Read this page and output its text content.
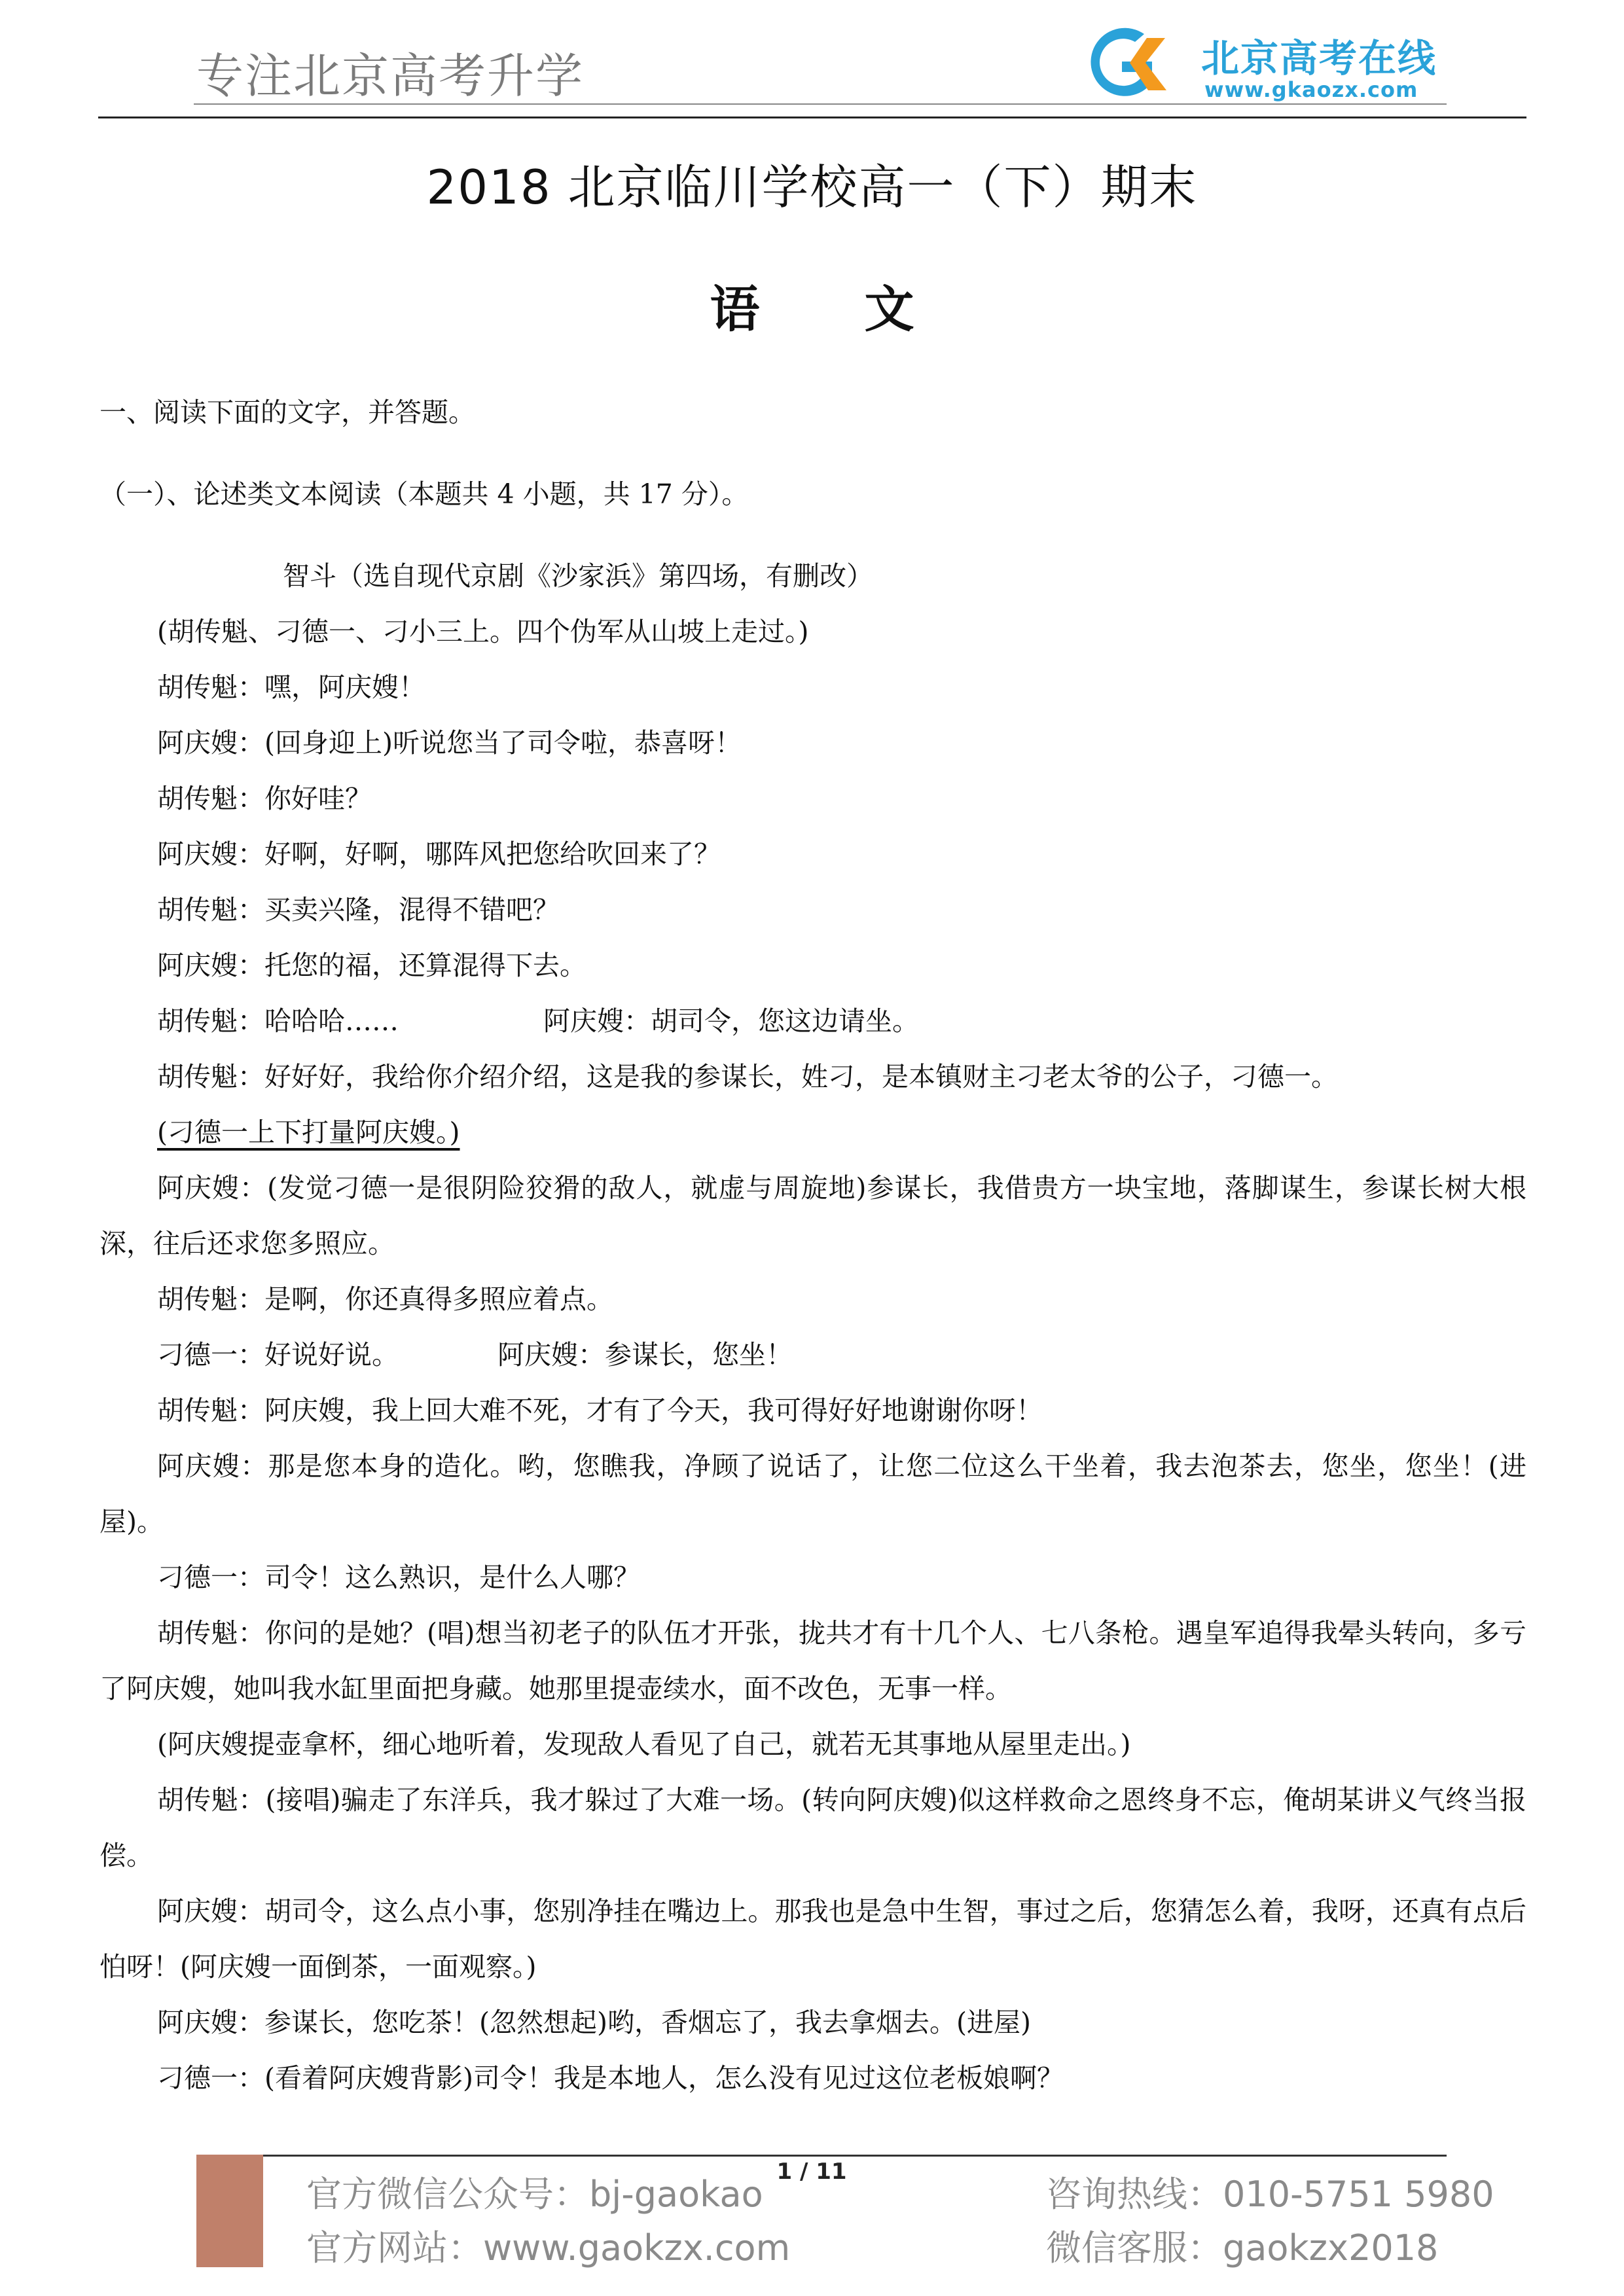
专注北京高考升学	北京高考在线
www.gkaozx.com
2018 北京临川学校高一（下）期末
语文

一、阅读下面的文字，并答题。

（一）、论述类文本阅读（本题共 4 小题，共 17 分）。

智斗（选自现代京剧《沙家浜》第四场，有删改）

(胡传魁、刁德一、刁小三上。四个伪军从山坡上走过。)

胡传魁：嘿，阿庆嫂！

阿庆嫂：(回身迎上)听说您当了司令啦，恭喜呀！

胡传魁：你好哇？

阿庆嫂：好啊，好啊，哪阵风把您给吹回来了？

胡传魁：买卖兴隆，混得不错吧？

阿庆嫂：托您的福，还算混得下去。

胡传魁：哈哈哈……	阿庆嫂：胡司令，您这边请坐。

胡传魁：好好好，我给你介绍介绍，这是我的参谋长，姓刁，是本镇财主刁老太爷的公子，刁德一。

(刁德一上下打量阿庆嫂。)

阿庆嫂：(发觉刁德一是很阴险狡猾的敌人，就虚与周旋地)参谋长，我借贵方一块宝地，落脚谋生，参谋长树大根深，往后还求您多照应。

胡传魁：是啊，你还真得多照应着点。

刁德一：好说好说。	阿庆嫂：参谋长，您坐！

胡传魁：阿庆嫂，我上回大难不死，才有了今天，我可得好好地谢谢你呀！

阿庆嫂：那是您本身的造化。哟，您瞧我，净顾了说话了，让您二位这么干坐着，我去泡茶去，您坐，您坐！(进屋)。

刁德一：司令！这么熟识，是什么人哪？

胡传魁：你问的是她？(唱)想当初老子的队伍才开张，拢共才有十几个人、七八条枪。遇皇军追得我晕头转向，多亏了阿庆嫂，她叫我水缸里面把身藏。她那里提壶续水，面不改色，无事一样。

(阿庆嫂提壶拿杯，细心地听着，发现敌人看见了自己，就若无其事地从屋里走出。)

胡传魁：(接唱)骗走了东洋兵，我才躲过了大难一场。(转向阿庆嫂)似这样救命之恩终身不忘，俺胡某讲义气终当报偿。

阿庆嫂：胡司令，这么点小事，您别净挂在嘴边上。那我也是急中生智，事过之后，您猜怎么着，我呀，还真有点后怕呀！(阿庆嫂一面倒茶，一面观察。)

阿庆嫂：参谋长，您吃茶！(忽然想起)哟，香烟忘了，我去拿烟去。(进屋)

刁德一：(看着阿庆嫂背影)司令！我是本地人，怎么没有见过这位老板娘啊？

1 / 11
官方微信公众号：bj-gaokao
官方网站：www.gaokzx.com
咨询热线：010-5751 5980
微信客服：gaokzx2018
